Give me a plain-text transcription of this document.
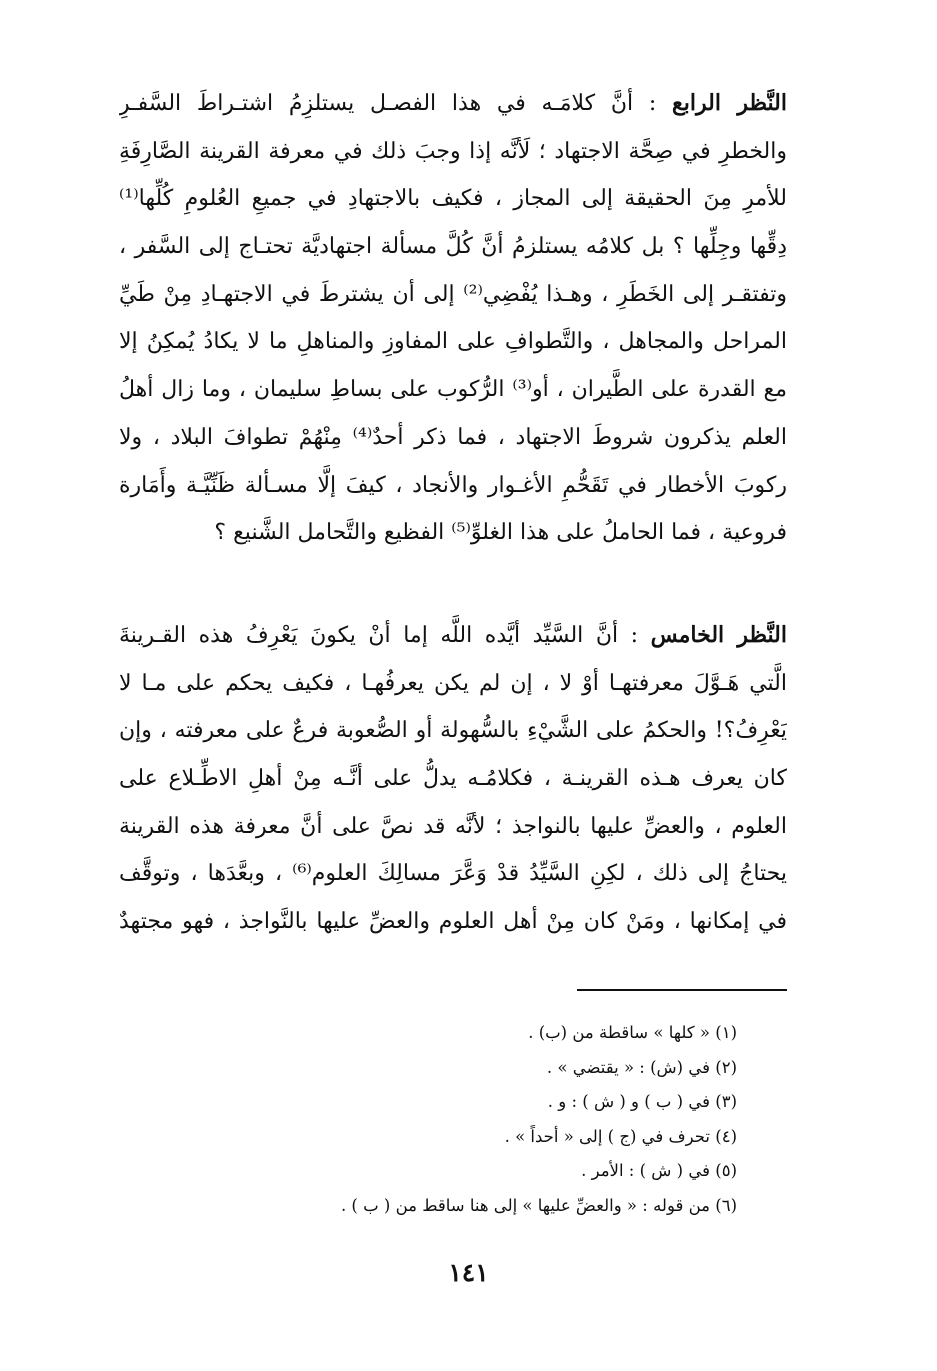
النَّظر الرابع : أنَّ كلامَـه في هذا الفصـل يستلزِمُ اشتـراطَ السَّفـرِ
والخطرِ في صِحَّة الاجتهاد ؛ لَأنَّه إذا وجبَ ذلك في معرفة القرينة الصَّارِفَةِ
للأمرِ مِنَ الحقيقة إلى المجاز ، فكيف بالاجتهادِ في جميعِ العُلومِ كُلِّها⁽¹⁾
دِقِّها وجِلِّها ؟ بل كلامُه يستلزمُ أنَّ كُلَّ مسألة اجتهاديَّة تحتـاج إلى السَّفر ،
وتفتقـر إلى الخَطَرِ ، وهـذا يُفْضِي⁽²⁾ إلى أن يشترطَ في الاجتهـادِ مِنْ طَيِّ
المراحل والمجاهل ، والتَّطوافِ على المفاوزِ والمناهلِ ما لا يكادُ يُمكِنُ إلا
مع القدرة على الطَّيران ، أو⁽³⁾ الرُّكوب على بساطِ سليمان ، وما زال أهلُ
العلم يذكرون شروطَ الاجتهاد ، فما ذكر أحدٌ⁽⁴⁾ مِنْهُمْ تطوافَ البلاد ، ولا
ركوبَ الأخطار في تَقَحُّمِ الأغـوار والأنجاد ، كيفَ إلَّا مسـألة ظَنِّيَّـة وأَمَارة
فروعية ، فما الحاملُ على هذا الغلوِّ⁽⁵⁾ الفظيع والتَّحامل الشَّنيع ؟
النَّظر الخامس : أنَّ السَّيِّد أيَّده اللَّه إما أنْ يكونَ يَعْرِفُ هذه القـرينةَ
الَّتي هَـوَّلَ معرفتهـا أوْ لا ، إن لم يكن يعرفُهـا ، فكيف يحكم على مـا لا
يَعْرِفُ؟! والحكمُ على الشَّيْءِ بالسُّهولة أو الصُّعوبة فرعٌ على معرفته ، وإن
كان يعرف هـذه القرينـة ، فكلامُـه يدلُّ على أنَّـه مِنْ أهلِ الاطِّـلاع على
العلوم ، والعضِّ عليها بالنواجذ ؛ لأنَّه قد نصَّ على أنَّ معرفة هذه القرينة
يحتاجُ إلى ذلك ، لكِنِ السَّيِّدُ قدْ وَعَّرَ مسالِكَ العلوم⁽⁶⁾ ، وبعَّدَها ، وتوقَّف
في إمكانها ، ومَنْ كان مِنْ أهل العلوم والعضِّ عليها بالنَّواجذ ، فهو مجتهدٌ
(١) « كلها » ساقطة من (ب) .
(٢) في (ش) : « يقتضي » .
(٣) في ( ب ) و ( ش ) : و .
(٤) تحرف في (ج ) إلى « أحداً » .
(٥) في ( ش ) : الأمر .
(٦) من قوله : « والعضِّ عليها » إلى هنا ساقط من ( ب ) .
١٤١
